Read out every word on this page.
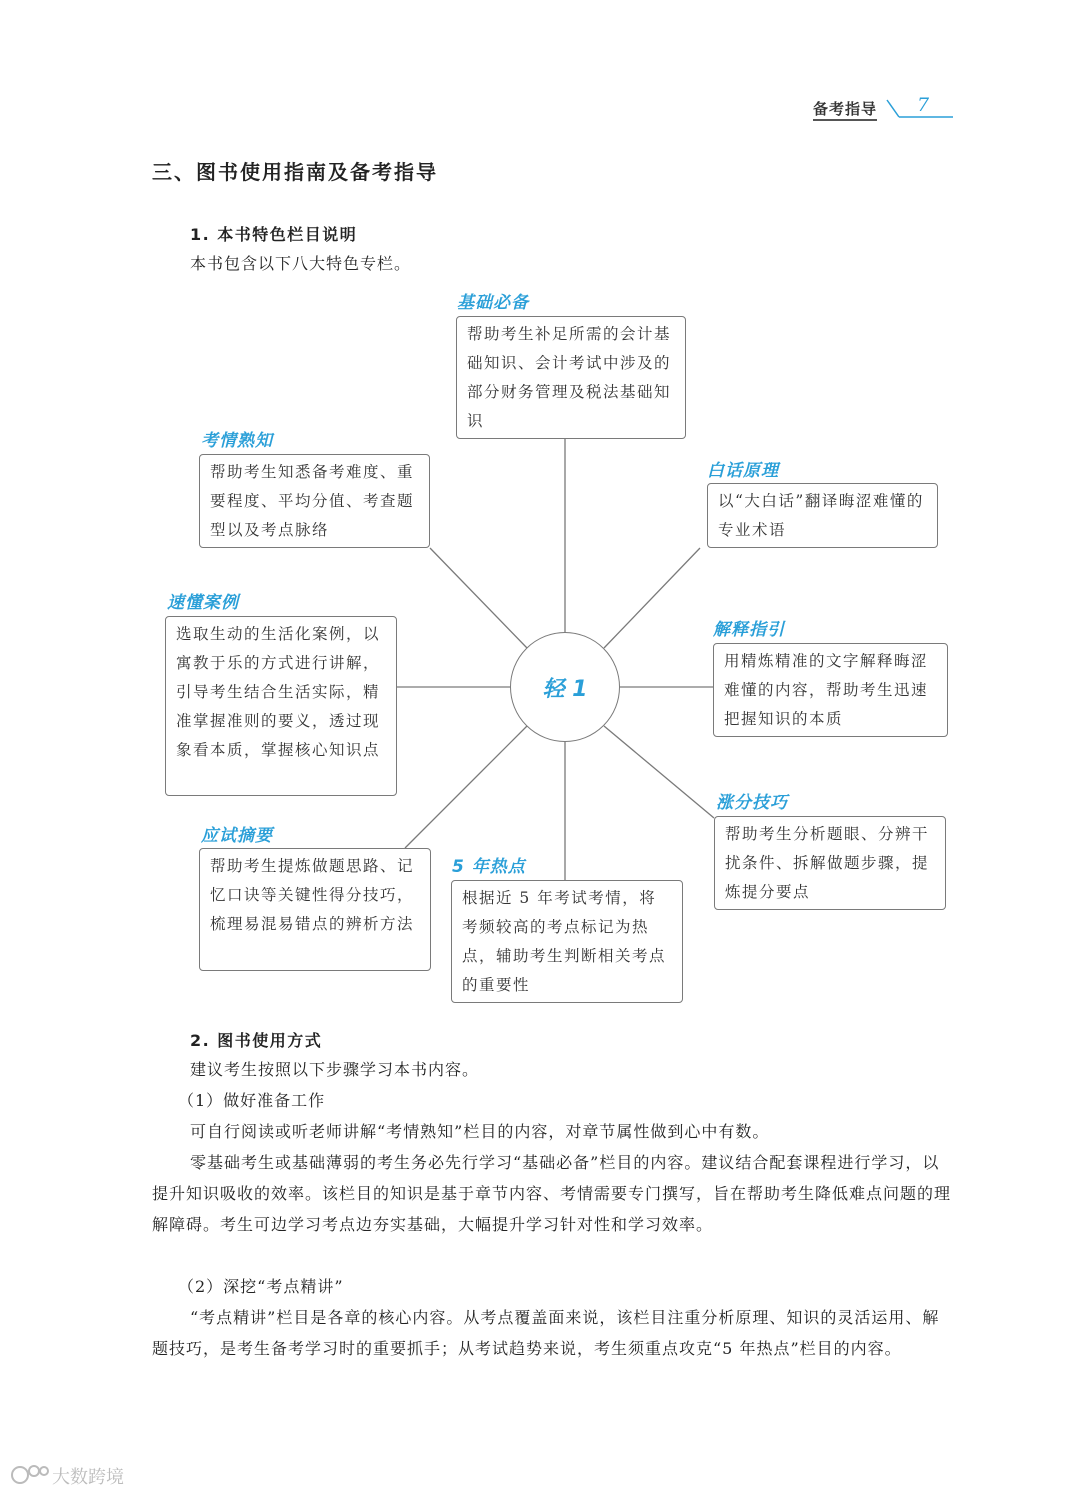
备考指导 7
三、图书使用指南及备考指导
1. 本书特色栏目说明
本书包含以下八大特色专栏。
轻 1
基础必备
帮助考生补足所需的会计基础知识、会计考试中涉及的部分财务管理及税法基础知识
考情熟知
帮助考生知悉备考难度、重要程度、平均分值、考查题型以及考点脉络
白话原理
以“大白话”翻译晦涩难懂的专业术语
速懂案例
选取生动的生活化案例，以寓教于乐的方式进行讲解，引导考生结合生活实际，精准掌握准则的要义，透过现象看本质，掌握核心知识点
解释指引
用精炼精准的文字解释晦涩难懂的内容，帮助考生迅速把握知识的本质
涨分技巧
帮助考生分析题眼、分辨干扰条件、拆解做题步骤，提炼提分要点
应试摘要
帮助考生提炼做题思路、记忆口诀等关键性得分技巧，梳理易混易错点的辨析方法
5 年热点
根据近 5 年考试考情，将考频较高的考点标记为热点，辅助考生判断相关考点的重要性
2. 图书使用方式
建议考生按照以下步骤学习本书内容。
（1）做好准备工作
可自行阅读或听老师讲解“考情熟知”栏目的内容，对章节属性做到心中有数。
零基础考生或基础薄弱的考生务必先行学习“基础必备”栏目的内容。建议结合配套课程进行学习，以提升知识吸收的效率。该栏目的知识是基于章节内容、考情需要专门撰写，旨在帮助考生降低难点问题的理解障碍。考生可边学习考点边夯实基础，大幅提升学习针对性和学习效率。
（2）深挖“考点精讲”
“考点精讲”栏目是各章的核心内容。从考点覆盖面来说，该栏目注重分析原理、知识的灵活运用、解题技巧，是考生备考学习时的重要抓手；从考试趋势来说，考生须重点攻克“5 年热点”栏目的内容。
大数跨境
